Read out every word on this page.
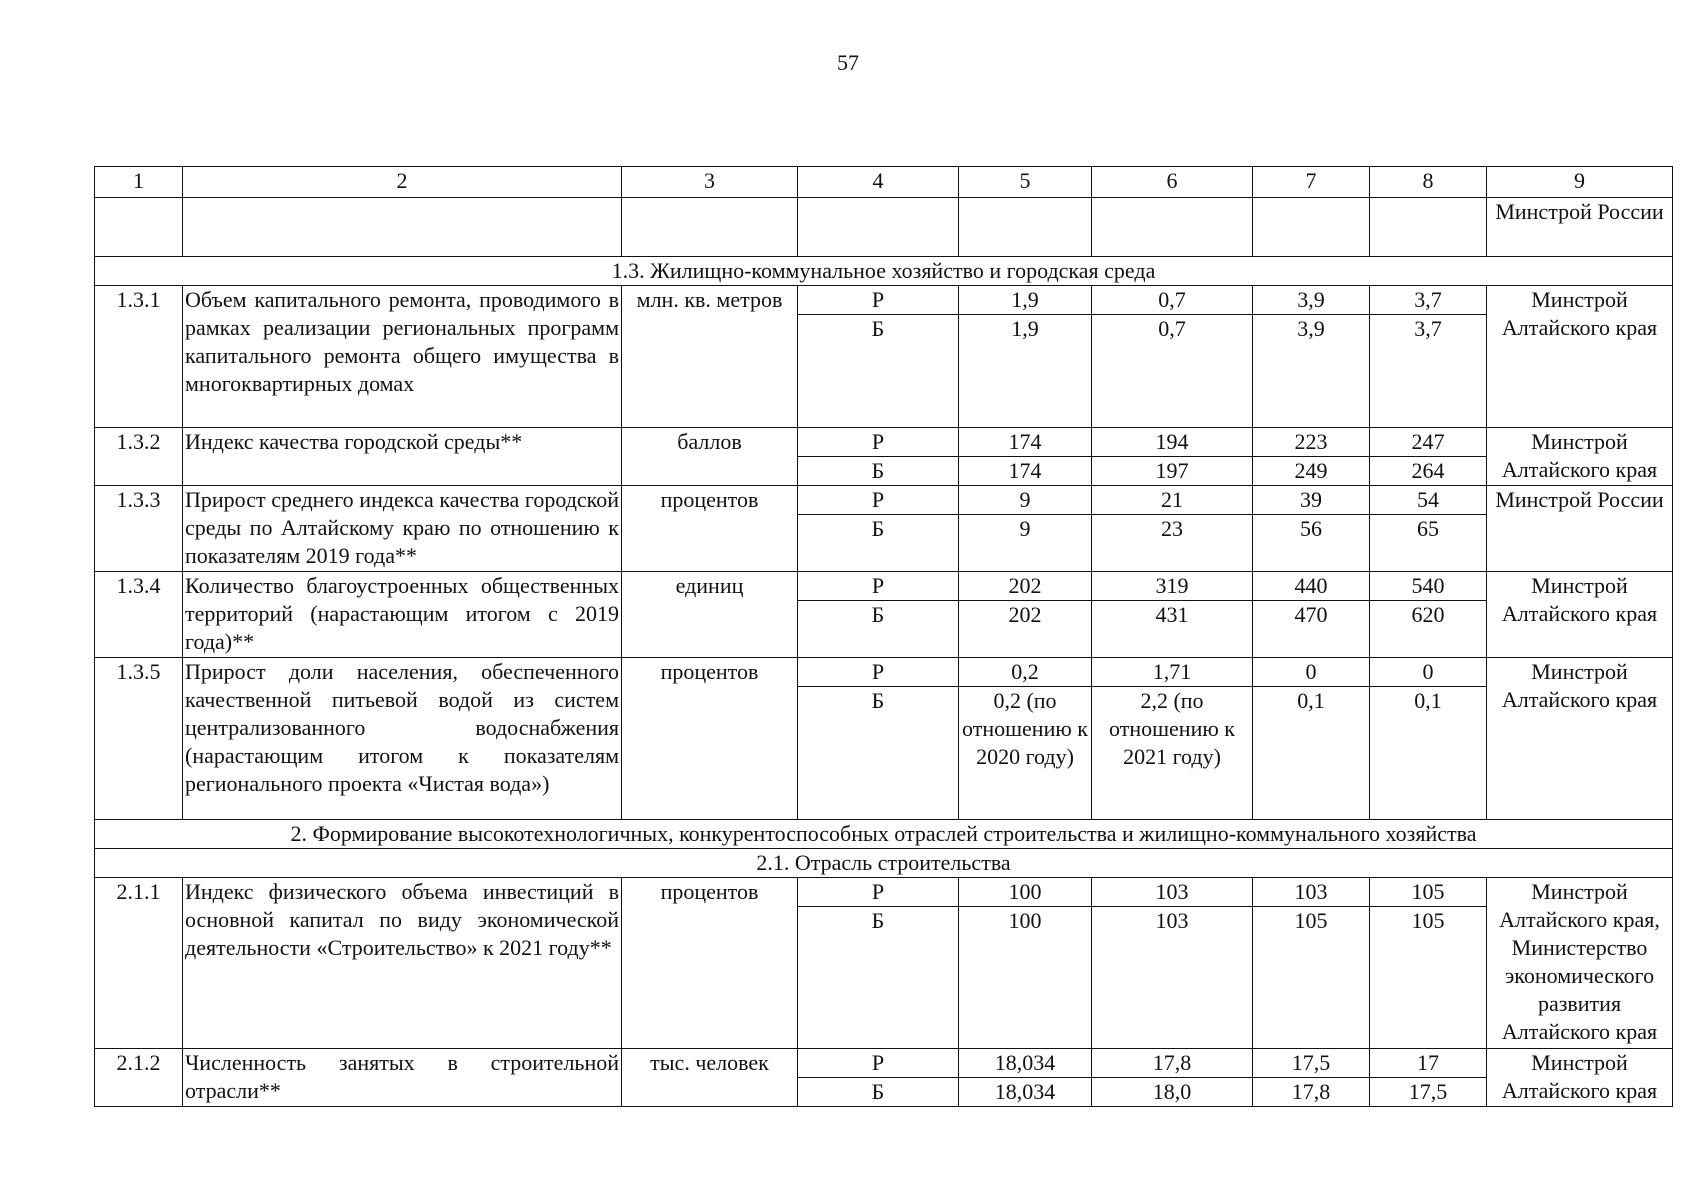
57
1	2	3	4	5	6	7	8	9
								Минстрой России
1.3. Жилищно-коммунальное хозяйство и городская среда								
1.3.1	Объем капитального ремонта, проводимого в рамках реализации региональных программ капитального ремонта общего имущества в многоквартирных домах	млн. кв. метров	Р	1,9	0,7	3,9	3,7	Минстрой Алтайского края
			Б	1,9	0,7	3,9	3,7	
1.3.2	Индекс качества городской среды**	баллов	Р	174	194	223	247	Минстрой Алтайского края
			Б	174	197	249	264	
1.3.3	Прирост среднего индекса качества городской среды по Алтайскому краю по отношению к показателям 2019 года**	процентов	Р	9	21	39	54	Минстрой России
			Б	9	23	56	65	
1.3.4	Количество благоустроенных общественных территорий (нарастающим итогом с 2019 года)**	единиц	Р	202	319	440	540	Минстрой Алтайского края
			Б	202	431	470	620	
1.3.5	Прирост доли населения, обеспеченного качественной питьевой водой из систем централизованного водоснабжения (нарастающим итогом к показателям регионального проекта «Чистая вода»)	процентов	Р	0,2	1,71	0	0	Минстрой Алтайского края
			Б	0,2 (по отношению к 2020 году)	2,2 (по отношению к 2021 году)	0,1	0,1	
2. Формирование высокотехнологичных, конкурентоспособных отраслей строительства и жилищно-коммунального хозяйства								
2.1. Отрасль строительства								
2.1.1	Индекс физического объема инвестиций в основной капитал по виду экономической деятельности «Строительство» к 2021 году**	процентов	Р	100	103	103	105	Минстрой Алтайского края, Министерство экономического развития Алтайского края
			Б	100	103	105	105	
2.1.2	Численность занятых в строительной отрасли**	тыс. человек	Р	18,034	17,8	17,5	17	Минстрой Алтайского края
			Б	18,034	18,0	17,8	17,5	
